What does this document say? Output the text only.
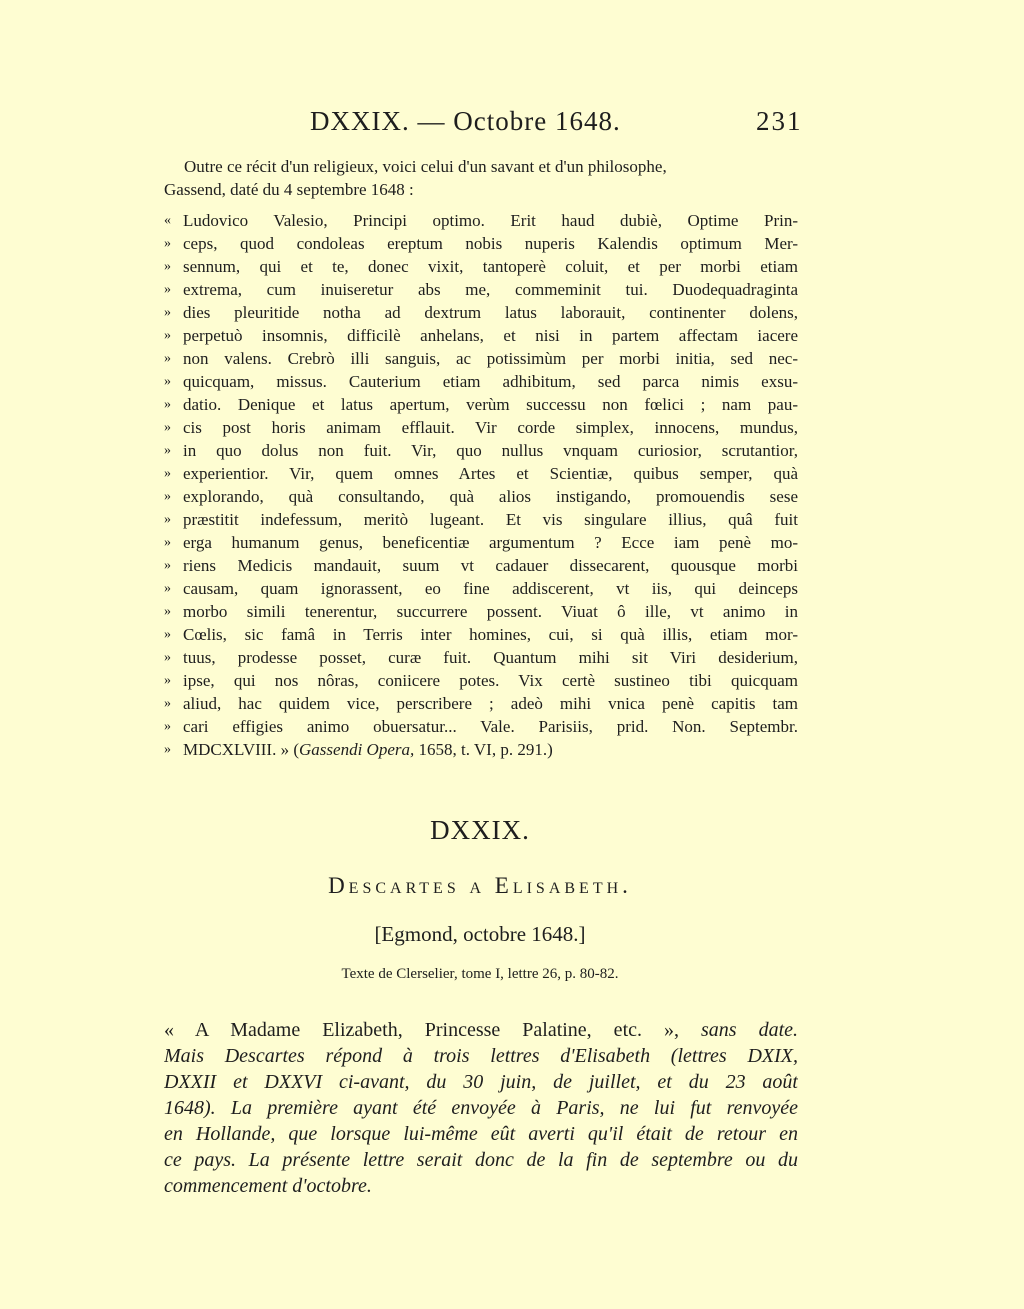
DXXIX. — Octobre 1648.	231

Outre ce récit d'un religieux, voici celui d'un savant et d'un philosophe,

Gassend, daté du 4 septembre 1648 :

« Ludovico Valesio, Principi optimo. Erit haud dubiè, Optime Prin-
» ceps, quod condoleas ereptum nobis nuperis Kalendis optimum Mer-
» sennum, qui et te, donec vixit, tantoperè coluit, et per morbi etiam
» extrema, cum inuiseretur abs me, commeminit tui. Duodequadraginta
» dies pleuritide notha ad dextrum latus laborauit, continenter dolens,
» perpetuò insomnis, difficilè anhelans, et nisi in partem affectam iacere
» non valens. Crebrò illi sanguis, ac potissimùm per morbi initia, sed nec-
» quicquam, missus. Cauterium etiam adhibitum, sed parca nimis exsu-
» datio. Denique et latus apertum, verùm successu non fœlici ; nam pau-
» cis post horis animam efflauit. Vir corde simplex, innocens, mundus,
» in quo dolus non fuit. Vir, quo nullus vnquam curiosior, scrutantior,
» experientior. Vir, quem omnes Artes et Scientiæ, quibus semper, quà
» explorando, quà consultando, quà alios instigando, promouendis sese
» præstitit indefessum, meritò lugeant. Et vis singulare illius, quâ fuit
» erga humanum genus, beneficentiæ argumentum ? Ecce iam penè mo-
» riens Medicis mandauit, suum vt cadauer dissecarent, quousque morbi
» causam, quam ignorassent, eo fine addiscerent, vt iis, qui deinceps
» morbo simili tenerentur, succurrere possent. Viuat ô ille, vt animo in
» Cœlis, sic famâ in Terris inter homines, cui, si quà illis, etiam mor-
» tuus, prodesse posset, curæ fuit. Quantum mihi sit Viri desiderium,
» ipse, qui nos nôras, coniicere potes. Vix certè sustineo tibi quicquam
» aliud, hac quidem vice, perscribere ; adeò mihi vnica penè capitis tam
» cari effigies animo obuersatur... Vale. Parisiis, prid. Non. Septembr.
» MDCXLVIII. » (Gassendi Opera, 1658, t. VI, p. 291.)
DXXIX.
Descartes a Elisabeth.
[Egmond, octobre 1648.]
Texte de Clerselier, tome I, lettre 26, p. 80-82.
« A Madame Elizabeth, Princesse Palatine, etc. », sans date.
Mais Descartes répond à trois lettres d'Elisabeth (lettres DXIX,
DXXII et DXXVI ci-avant, du 30 juin, de juillet, et du 23 août
1648). La première ayant été envoyée à Paris, ne lui fut renvoyée
en Hollande, que lorsque lui-même eût averti qu'il était de retour en
ce pays. La présente lettre serait donc de la fin de septembre ou du
commencement d'octobre.
